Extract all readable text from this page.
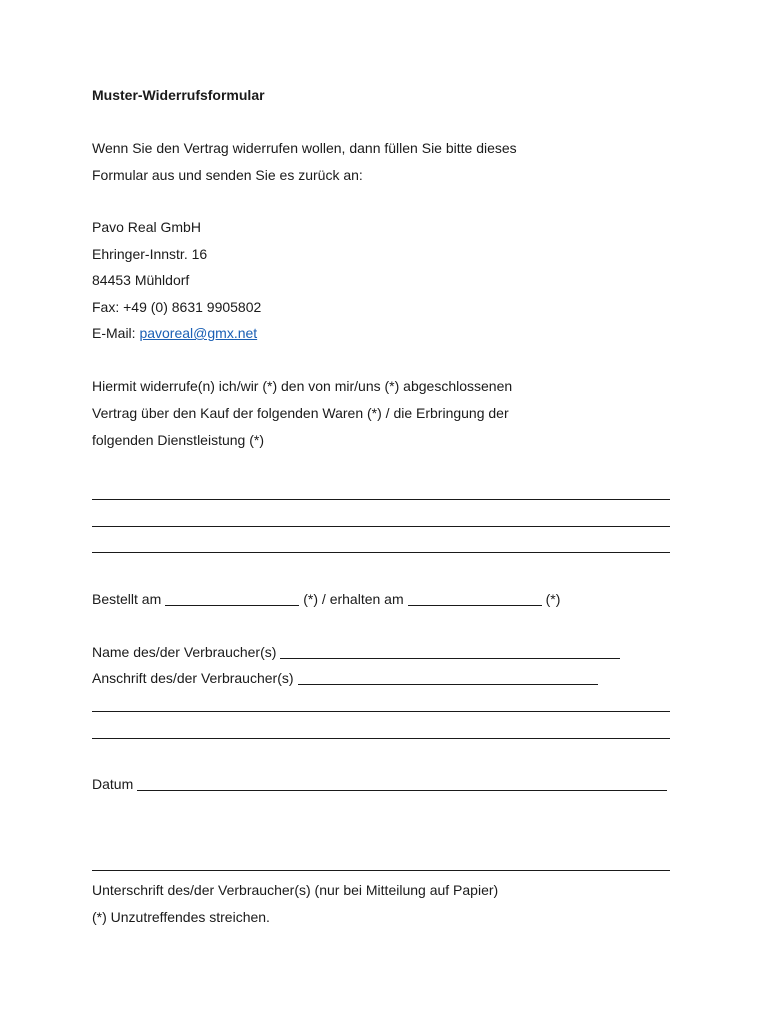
Muster-Widerrufsformular
Wenn Sie den Vertrag widerrufen wollen, dann füllen Sie bitte dieses
Formular aus und senden Sie es zurück an:
Pavo Real GmbH
Ehringer-Innstr. 16
84453 Mühldorf
Fax: +49 (0) 8631 9905802
E-Mail: pavoreal@gmx.net
Hiermit widerrufe(n) ich/wir (*) den von mir/uns (*) abgeschlossenen
Vertrag über den Kauf der folgenden Waren (*) / die Erbringung der
folgenden Dienstleistung (*)
Bestellt am	(*) / erhalten am	(*)
Name des/der Verbraucher(s)
Anschrift des/der Verbraucher(s)
Datum
Unterschrift des/der Verbraucher(s) (nur bei Mitteilung auf Papier)
(*) Unzutreffendes streichen.
